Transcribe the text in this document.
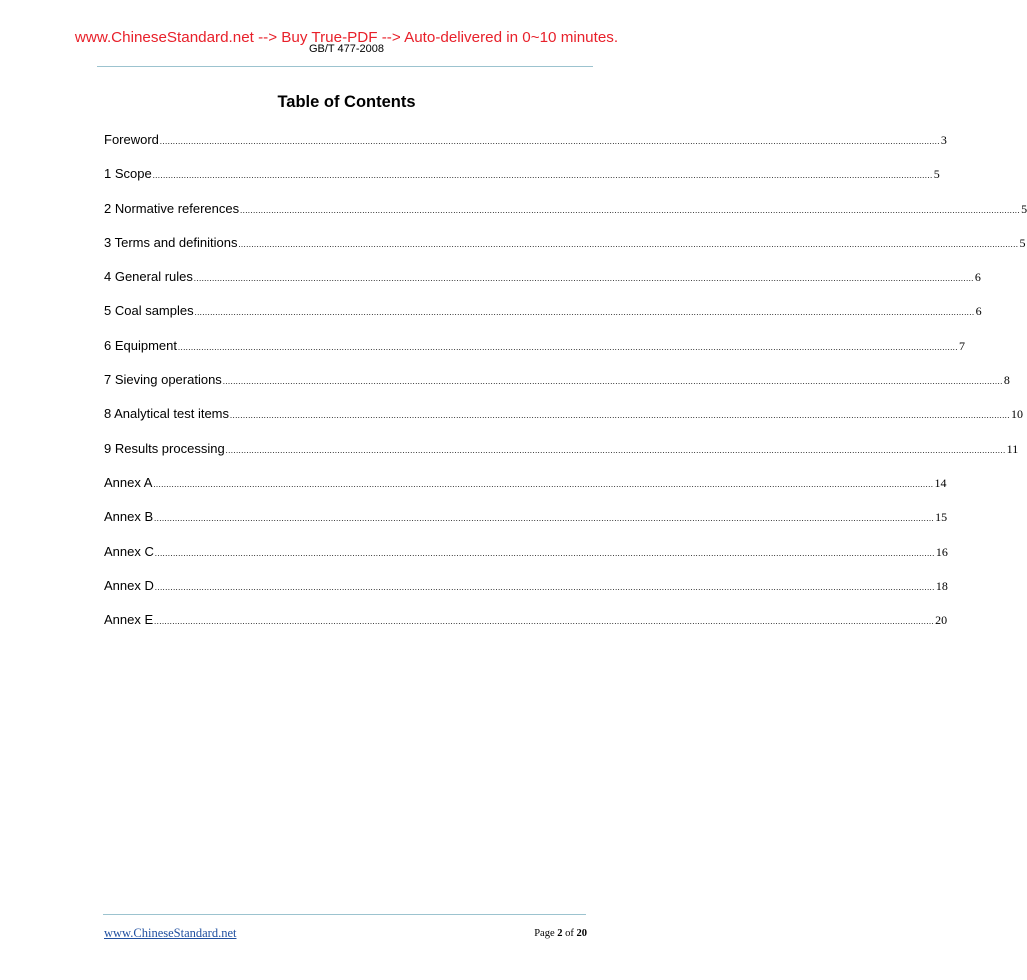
www.ChineseStandard.net --> Buy True-PDF --> Auto-delivered in 0~10 minutes.
GB/T 477-2008
Table of Contents
Foreword ............................................................................................................................................................................................................................................................................................................ 3
1 Scope ............................................................................................................................................................................................................................................................................................................ 5
2 Normative references ............................................................................................................................................................................................................................................................................................................ 5
3 Terms and definitions ............................................................................................................................................................................................................................................................................................................ 5
4 General rules ............................................................................................................................................................................................................................................................................................................ 6
5 Coal samples ............................................................................................................................................................................................................................................................................................................ 6
6 Equipment ............................................................................................................................................................................................................................................................................................................ 7
7 Sieving operations ............................................................................................................................................................................................................................................................................................................ 8
8 Analytical test items ............................................................................................................................................................................................................................................................................................................ 10
9 Results processing ............................................................................................................................................................................................................................................................................................................ 11
Annex A ............................................................................................................................................................................................................................................................................................................ 14
Annex B ............................................................................................................................................................................................................................................................................................................ 15
Annex C ............................................................................................................................................................................................................................................................................................................ 16
Annex D ............................................................................................................................................................................................................................................................................................................ 18
Annex E ............................................................................................................................................................................................................................................................................................................ 20
www.ChineseStandard.net	Page 2 of 20
